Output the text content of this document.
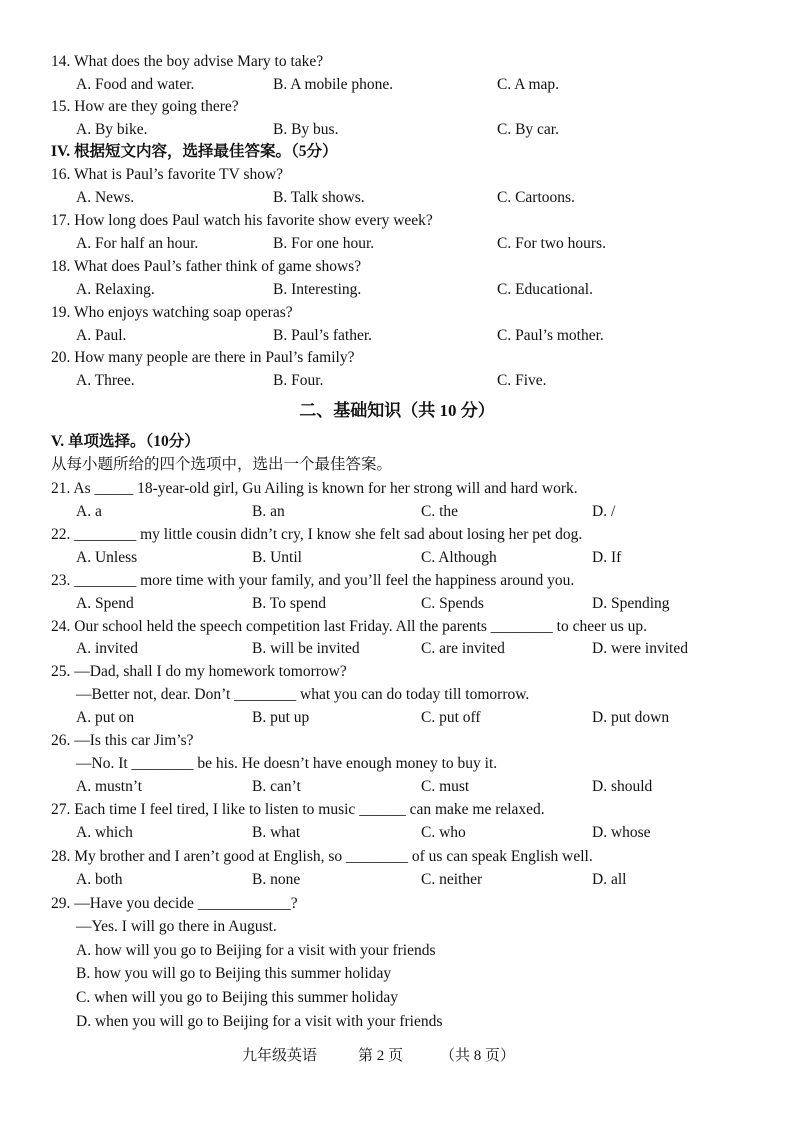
14. What does the boy advise Mary to take?
A. Food and water.	B. A mobile phone.	C. A map.
15. How are they going there?
A. By bike.	B. By bus.	C. By car.
IV. 根据短文内容，选择最佳答案。（5分）
16. What is Paul’s favorite TV show?
A. News.	B. Talk shows.	C. Cartoons.
17. How long does Paul watch his favorite show every week?
A. For half an hour.	B. For one hour.	C. For two hours.
18. What does Paul’s father think of game shows?
A. Relaxing.	B. Interesting.	C. Educational.
19. Who enjoys watching soap operas?
A. Paul.	B. Paul’s father.	C. Paul’s mother.
20. How many people are there in Paul’s family?
A. Three.	B. Four.	C. Five.
二、基础知识（共 10 分）
V. 单项选择。（10分）
从每小题所给的四个选项中，选出一个最佳答案。
21. As _____ 18-year-old girl, Gu Ailing is known for her strong will and hard work.
A. a	B. an	C. the	D. /
22. ________ my little cousin didn’t cry, I know she felt sad about losing her pet dog.
A. Unless	B. Until	C. Although	D. If
23. ________ more time with your family, and you’ll feel the happiness around you.
A. Spend	B. To spend	C. Spends	D. Spending
24. Our school held the speech competition last Friday. All the parents ________ to cheer us up.
A. invited	B. will be invited	C. are invited	D. were invited
25. —Dad, shall I do my homework tomorrow?
—Better not, dear. Don’t ________ what you can do today till tomorrow.
A. put on	B. put up	C. put off	D. put down
26. —Is this car Jim’s?
—No. It ________ be his. He doesn’t have enough money to buy it.
A. mustn’t	B. can’t	C. must	D. should
27. Each time I feel tired, I like to listen to music ______ can make me relaxed.
A. which	B. what	C. who	D. whose
28. My brother and I aren’t good at English, so ________ of us can speak English well.
A. both	B. none	C. neither	D. all
29. —Have you decide ____________?
—Yes. I will go there in August.
A. how will you go to Beijing for a visit with your friends
B. how you will go to Beijing this summer holiday
C. when will you go to Beijing this summer holiday
D. when you will go to Beijing for a visit with your friends
九年级英语	第 2 页 （共 8 页）
